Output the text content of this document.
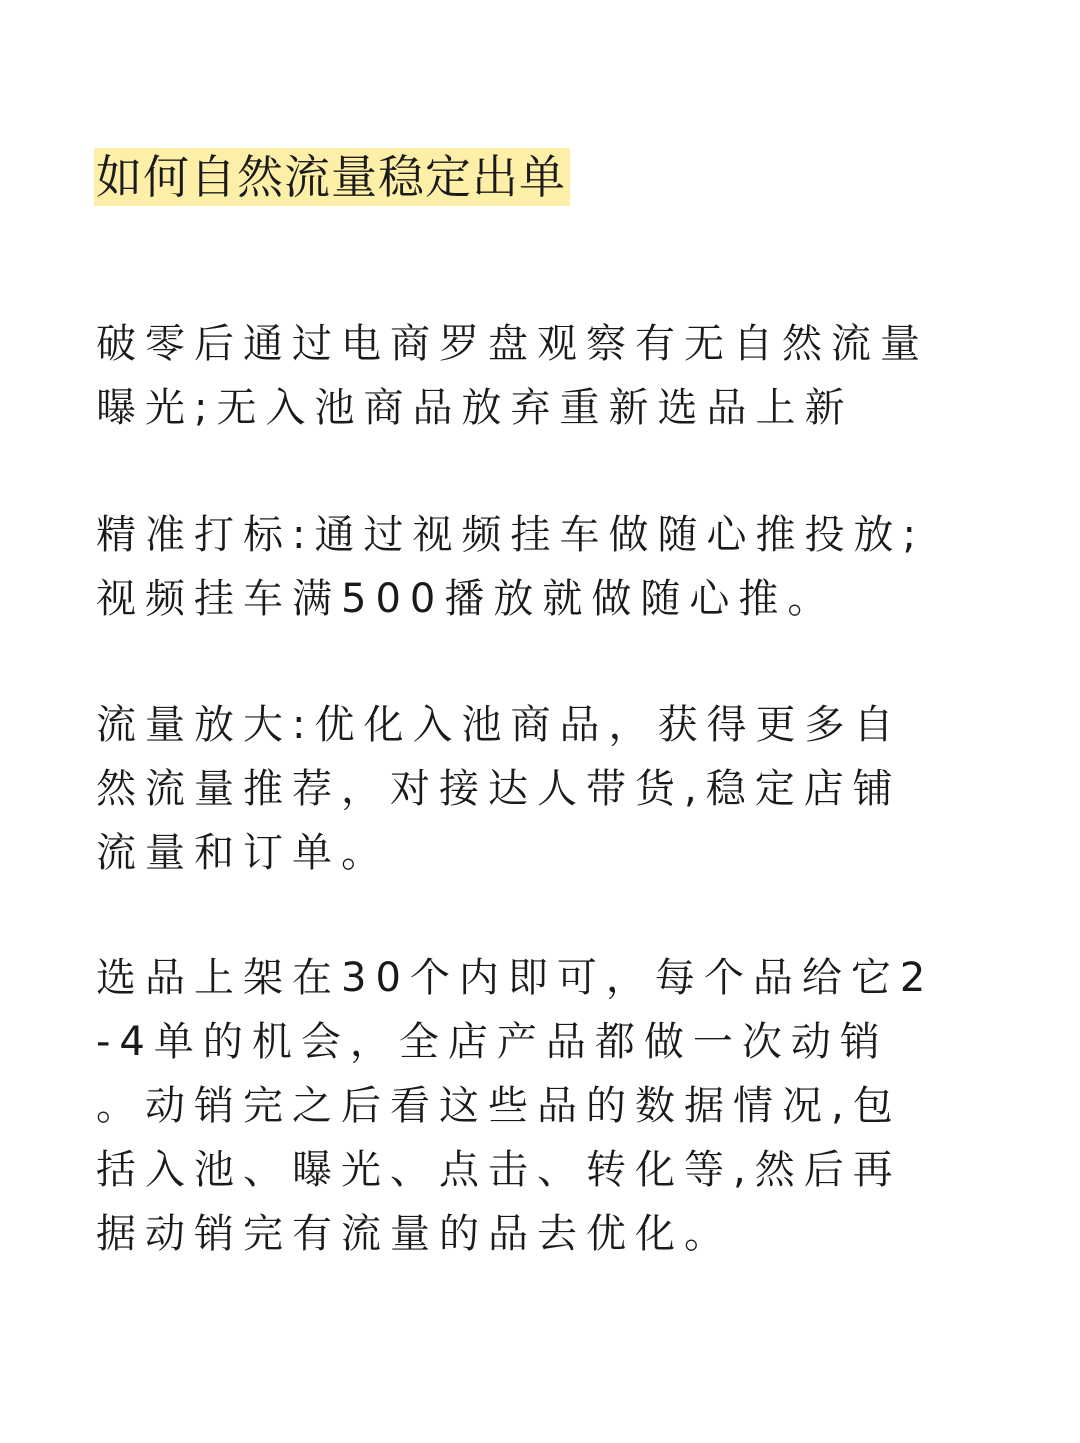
如何自然流量稳定出单

破零后通过电商罗盘观察有无自然流量
曝光;无入池商品放弃重新选品上新

精准打标:通过视频挂车做随心推投放;
视频挂车满500播放就做随心推。

流量放大:优化入池商品，获得更多自
然流量推荐，对接达人带货,稳定店铺
流量和订单。

选品上架在30个内即可，每个品给它2
-4单的机会，全店产品都做一次动销
。动销完之后看这些品的数据情况,包
括入池、曝光、点击、转化等,然后再
据动销完有流量的品去优化。
